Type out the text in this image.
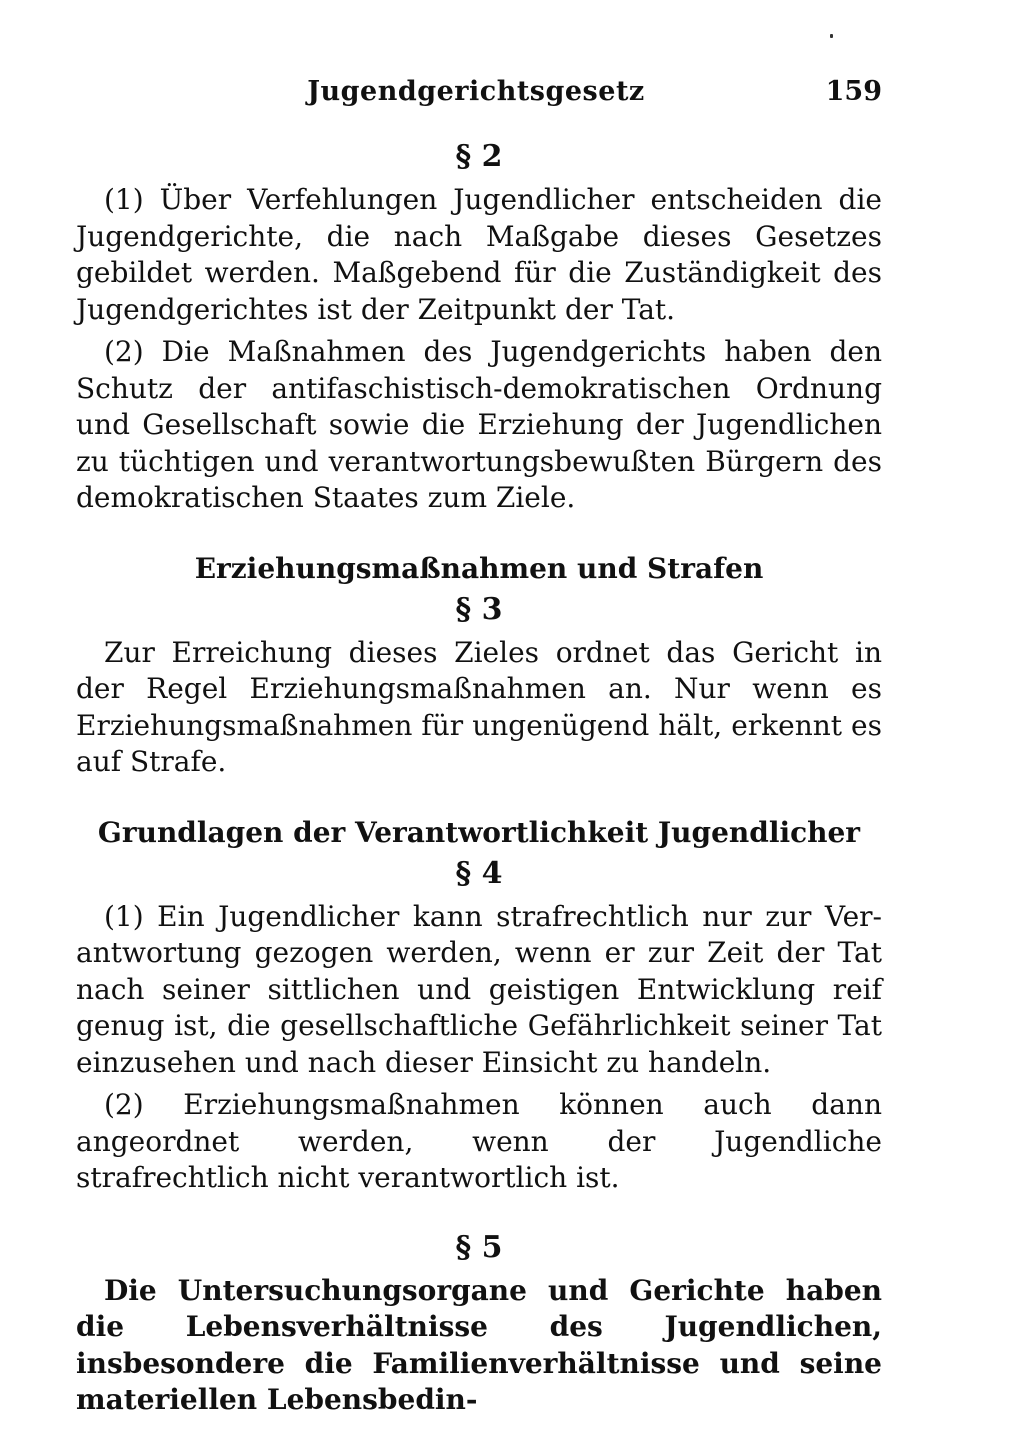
Jugendgerichtsgesetz	159
§ 2

(1) Über Verfehlungen Jugendlicher entscheiden die Jugendgerichte, die nach Maßgabe dieses Gesetzes gebildet werden. Maßgebend für die Zuständigkeit des Jugendgerichtes ist der Zeitpunkt der Tat.

(2) Die Maßnahmen des Jugendgerichts haben den Schutz der antifaschistisch-demokratischen Ordnung und Gesellschaft sowie die Erziehung der Jugendlichen zu tüchtigen und verantwortungsbewußten Bürgern des demokratischen Staates zum Ziele.

Erziehungsmaßnahmen und Strafen
§ 3

Zur Erreichung dieses Zieles ordnet das Gericht in der Regel Erziehungsmaßnahmen an. Nur wenn es Erziehungsmaßnahmen für ungenügend hält, erkennt es auf Strafe.

Grundlagen der Verantwortlichkeit Jugendlicher
§ 4

(1) Ein Jugendlicher kann strafrechtlich nur zur Verantwortung gezogen werden, wenn er zur Zeit der Tat nach seiner sittlichen und geistigen Entwicklung reif genug ist, die gesellschaftliche Gefährlichkeit seiner Tat einzusehen und nach dieser Einsicht zu handeln.

(2) Erziehungsmaßnahmen können auch dann angeordnet werden, wenn der Jugendliche strafrechtlich nicht verantwortlich ist.

§ 5

Die Untersuchungsorgane und Gerichte haben die Lebensverhältnisse des Jugendlichen, insbesondere die Familienverhältnisse und seine materiellen Lebensbedin-
